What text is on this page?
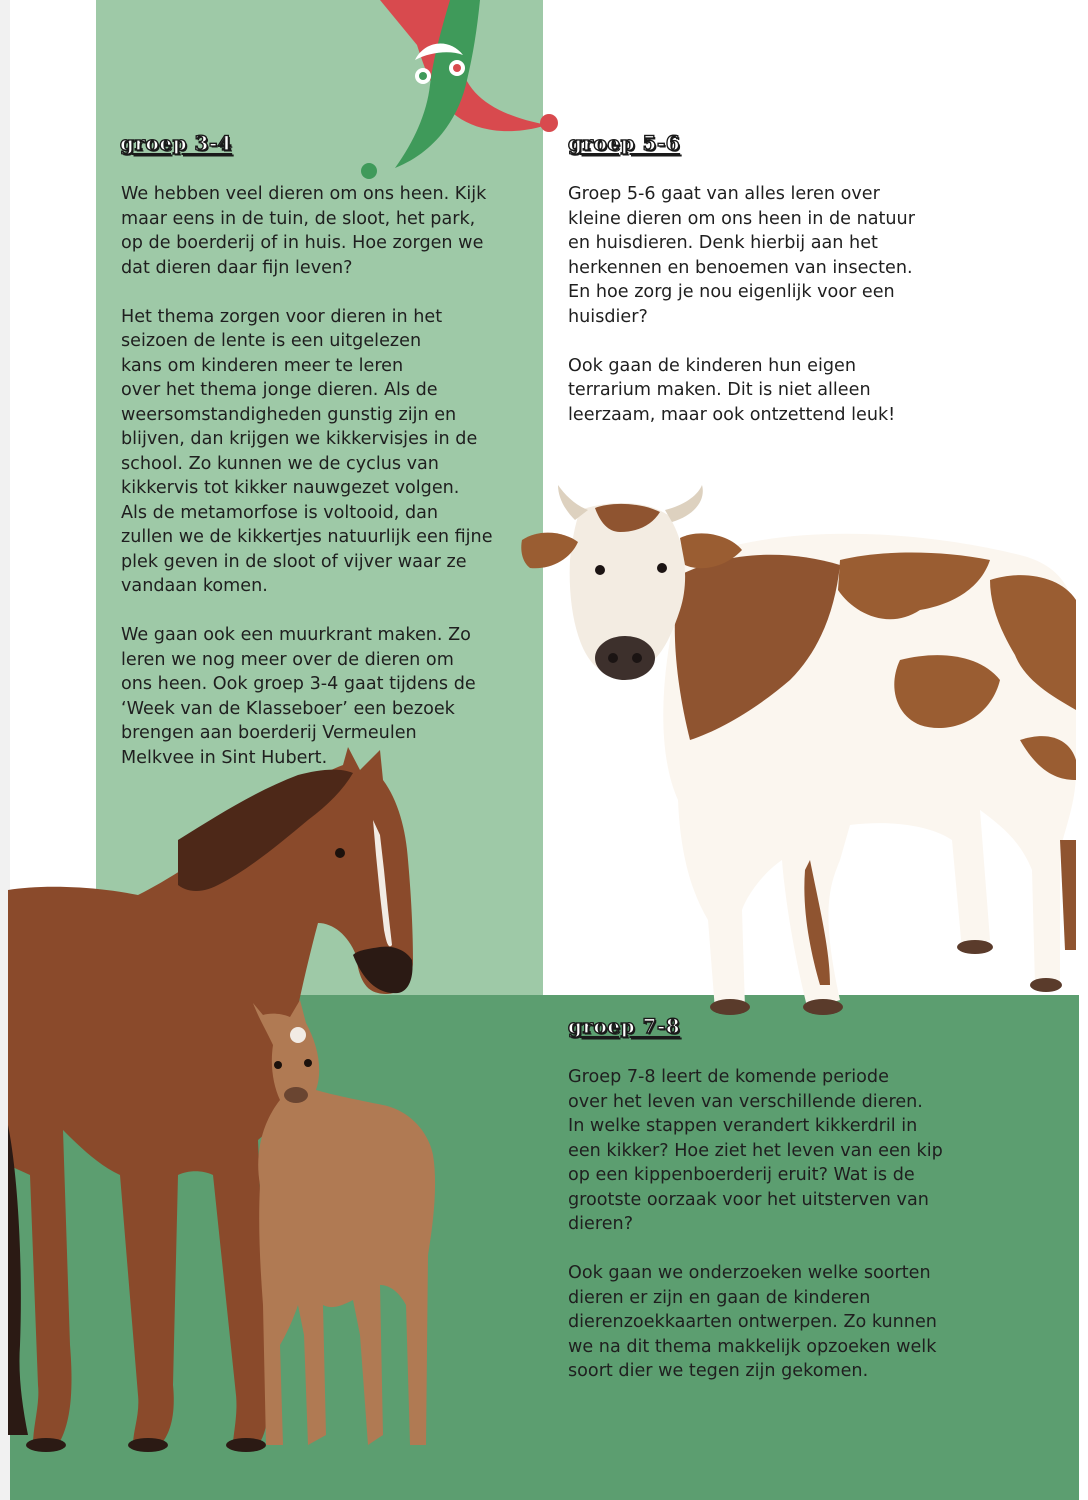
groep 3-4

We hebben veel dieren om ons heen. Kijk
maar eens in de tuin, de sloot, het park,
op de boerderij of in huis. Hoe zorgen we
dat dieren daar fijn leven?

Het thema zorgen voor dieren in het
seizoen de lente is een uitgelezen
kans om kinderen meer te leren
over het thema jonge dieren. Als de
weersomstandigheden gunstig zijn en
blijven, dan krijgen we kikkervisjes in de
school. Zo kunnen we de cyclus van
kikkervis tot kikker nauwgezet volgen.
Als de metamorfose is voltooid, dan
zullen we de kikkertjes natuurlijk een fijne
plek geven in de sloot of vijver waar ze
vandaan komen.

We gaan ook een muurkrant maken. Zo
leren we nog meer over de dieren om
ons heen. Ook groep 3-4 gaat tijdens de
‘Week van de Klasseboer’ een bezoek
brengen aan boerderij Vermeulen
Melkvee in Sint Hubert.

groep 5-6

Groep 5-6 gaat van alles leren over
kleine dieren om ons heen in de natuur
en huisdieren. Denk hierbij aan het
herkennen en benoemen van insecten.
En hoe zorg je nou eigenlijk voor een
huisdier?

Ook gaan de kinderen hun eigen
terrarium maken. Dit is niet alleen
leerzaam, maar ook ontzettend leuk!

groep 7-8

Groep 7-8 leert de komende periode
over het leven van verschillende dieren.
In welke stappen verandert kikkerdril in
een kikker? Hoe ziet het leven van een kip
op een kippenboerderij eruit? Wat is de
grootste oorzaak voor het uitsterven van
dieren?

Ook gaan we onderzoeken welke soorten
dieren er zijn en gaan de kinderen
dierenzoekkaarten ontwerpen. Zo kunnen
we na dit thema makkelijk opzoeken welk
soort dier we tegen zijn gekomen.
